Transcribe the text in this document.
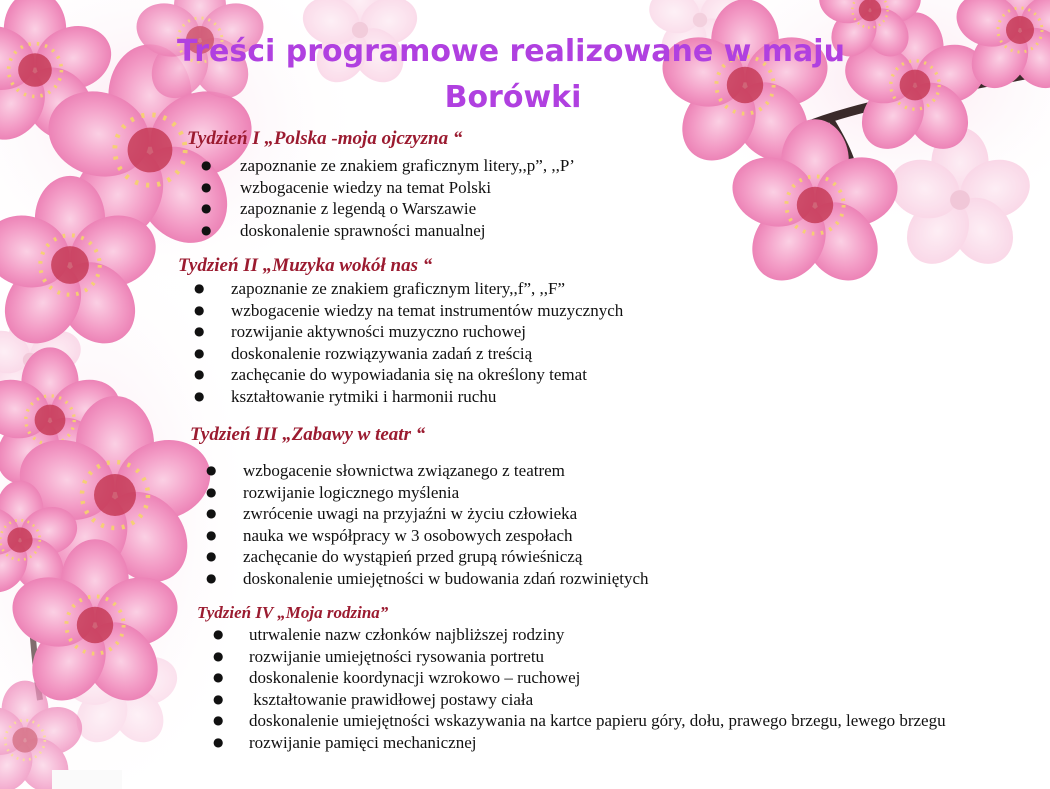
Treści programowe realizowane w maju
Borówki
Tydzień I „Polska -moja ojczyzna “
● zapoznanie ze znakiem graficznym litery,,p”, ,,P’
● wzbogacenie wiedzy na temat Polski
● zapoznanie z legendą o Warszawie
● doskonalenie sprawności manualnej
Tydzień II „Muzyka wokół nas “
● zapoznanie ze znakiem graficznym litery,,f”, ,,F”
● wzbogacenie wiedzy na temat instrumentów muzycznych
● rozwijanie aktywności muzyczno ruchowej
● doskonalenie rozwiązywania zadań z treścią
● zachęcanie do wypowiadania się na określony temat
● kształtowanie rytmiki i harmonii ruchu
Tydzień III „Zabawy w teatr “
● wzbogacenie słownictwa związanego z teatrem
● rozwijanie logicznego myślenia
● zwrócenie uwagi na przyjaźni w życiu człowieka
● nauka we współpracy w 3 osobowych zespołach
● zachęcanie do wystąpień przed grupą rówieśniczą
● doskonalenie umiejętności w budowania zdań rozwiniętych
Tydzień IV „Moja rodzina”
● utrwalenie nazw członków najbliższej rodziny
● rozwijanie umiejętności rysowania portretu
● doskonalenie koordynacji wzrokowo – ruchowej
● kształtowanie prawidłowej postawy ciała
● doskonalenie umiejętności wskazywania na kartce papieru góry, dołu, prawego brzegu, lewego brzegu
● rozwijanie pamięci mechanicznej
